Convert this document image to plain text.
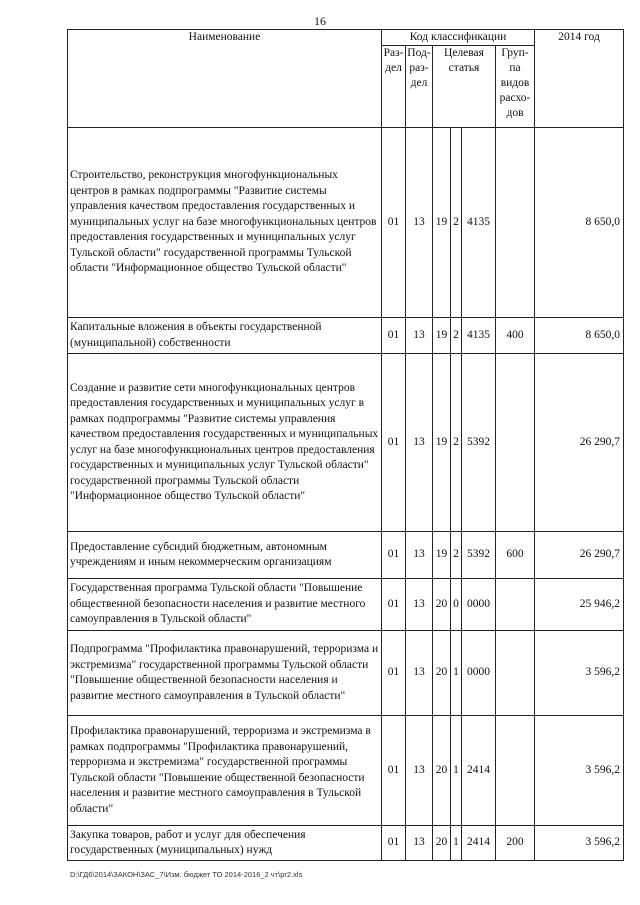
16
Наименование	Код классификации						2014 год
	Раз-дел	Под-раз-дел	Целевая статья			Груп-па видов расхо-дов	
Строительство, реконструкция многофункциональных центров в рамках подпрограммы "Развитие системы управления качеством предоставления государственных и муниципальных услуг на базе многофункциональных центров предоставления государственных и муниципальных услуг Тульской области" государственной программы Тульской области "Информационное общество Тульской области"	01	13	19	2	4135		8 650,0
Капитальные вложения в объекты государственной (муниципальной) собственности	01	13	19	2	4135	400	8 650,0
Создание и развитие сети многофункциональных центров предоставления государственных и муниципальных услуг в рамках подпрограммы "Развитие системы управления качеством предоставления государственных и муниципальных услуг на базе многофункциональных центров предоставления государственных и муниципальных услуг Тульской области" государственной программы Тульской области "Информационное общество Тульской области"	01	13	19	2	5392		26 290,7
Предоставление субсидий бюджетным, автономным учреждениям и иным некоммерческим организациям	01	13	19	2	5392	600	26 290,7
Государственная программа Тульской области "Повышение общественной безопасности населения и развитие местного самоуправления в Тульской области"	01	13	20	0	0000		25 946,2
Подпрограмма "Профилактика правонарушений, терроризма и экстремизма" государственной программы Тульской области "Повышение общественной безопасности населения и развитие местного самоуправления в Тульской области"	01	13	20	1	0000		3 596,2
Профилактика правонарушений, терроризма и экстремизма в рамках подпрограммы "Профилактика правонарушений, терроризма и экстремизма" государственной программы Тульской области "Повышение общественной безопасности населения и развитие местного самоуправления в Тульской области"	01	13	20	1	2414		3 596,2
Закупка товаров, работ и услуг для обеспечения государственных (муниципальных) нужд	01	13	20	1	2414	200	3 596,2
D:\ГД6\2014\ЗАКОН\ЗАС_7\Изм. бюджет ТО 2014-2016_2 чт\pr2.xls
